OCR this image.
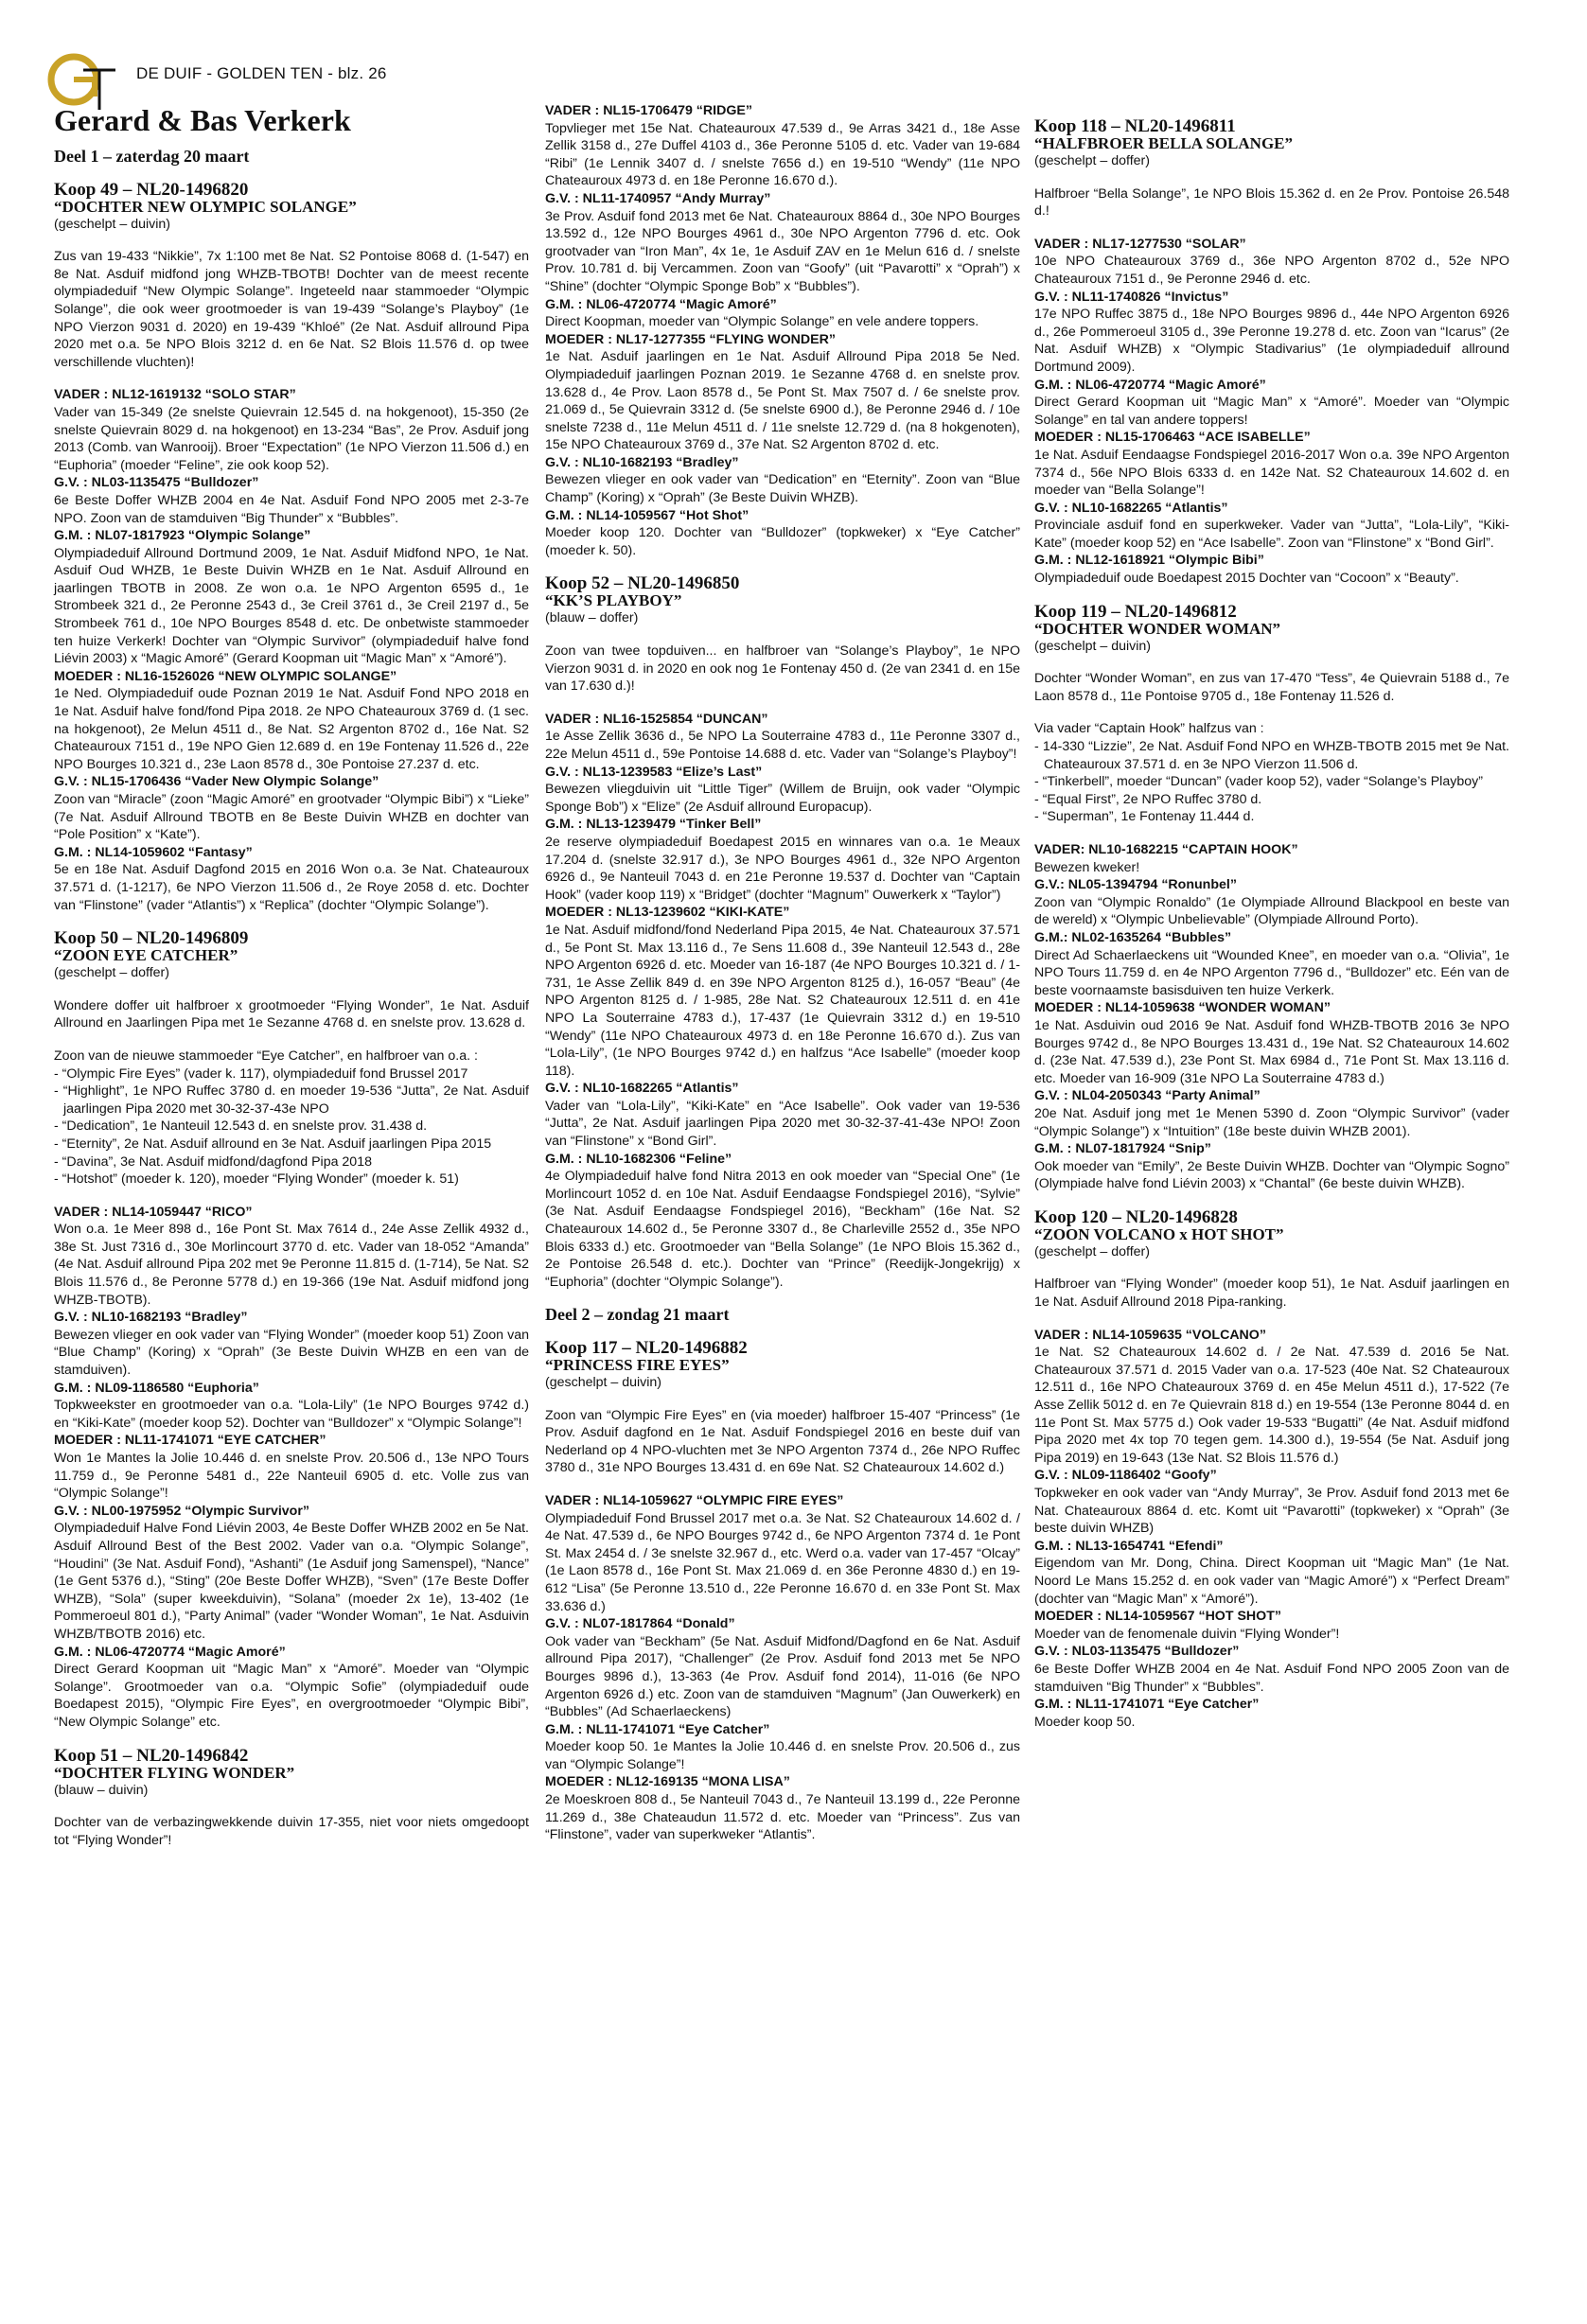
DE DUIF - GOLDEN TEN - blz. 26
Gerard & Bas Verkerk
Deel 1 – zaterdag 20 maart
Koop 49 – NL20-1496820
“DOCHTER NEW OLYMPIC SOLANGE”
(geschelpt – duivin)
Zus van 19-433 “Nikkie”, 7x 1:100 met 8e Nat. S2 Pontoise 8068 d. (1-547) en 8e Nat. Asduif midfond jong WHZB-TBOTB! Dochter van de meest recente olympiadeduif “New Olympic Solange”. Ingeteeld naar stammoeder “Olympic Solange”, die ook weer grootmoeder is van 19-439 “Solange’s Playboy” (1e NPO Vierzon 9031 d. 2020) en 19-439 “Khloé” (2e Nat. Asduif allround Pipa 2020 met o.a. 5e NPO Blois 3212 d. en 6e Nat. S2 Blois 11.576 d. op twee verschillende vluchten)!
VADER : NL12-1619132 “SOLO STAR”
Vader van 15-349 (2e snelste Quievrain 12.545 d. na hokgenoot), 15-350 (2e snelste Quievrain 8029 d. na hokgenoot) en 13-234 “Bas”, 2e Prov. Asduif jong 2013 (Comb. van Wanrooij). Broer “Expectation” (1e NPO Vierzon 11.506 d.) en “Euphoria” (moeder “Feline”, zie ook koop 52).
G.V. : NL03-1135475 “Bulldozer”
6e Beste Doffer WHZB 2004 en 4e Nat. Asduif Fond NPO 2005 met 2-3-7e NPO. Zoon van de stamduiven “Big Thunder” x “Bubbles”.
G.M. : NL07-1817923 “Olympic Solange”
Olympiadeduif Allround Dortmund 2009, 1e Nat. Asduif Midfond NPO, 1e Nat. Asduif Oud WHZB, 1e Beste Duivin WHZB en 1e Nat. Asduif Allround en jaarlingen TBOTB in 2008. Ze won o.a. 1e NPO Argenton 6595 d., 1e Strombeek 321 d., 2e Peronne 2543 d., 3e Creil 3761 d., 3e Creil 2197 d., 5e Strombeek 761 d., 10e NPO Bourges 8548 d. etc. De onbetwiste stammoeder ten huize Verkerk! Dochter van “Olympic Survivor” (olympiadeduif halve fond Liévin 2003) x “Magic Amoré” (Gerard Koopman uit “Magic Man” x “Amoré”).
MOEDER : NL16-1526026 “NEW OLYMPIC SOLANGE”
1e Ned. Olympiadeduif oude Poznan 2019 1e Nat. Asduif Fond NPO 2018 en 1e Nat. Asduif halve fond/fond Pipa 2018. 2e NPO Chateauroux 3769 d. (1 sec. na hokgenoot), 2e Melun 4511 d., 8e Nat. S2 Argenton 8702 d., 16e Nat. S2 Chateauroux 7151 d., 19e NPO Gien 12.689 d. en 19e Fontenay 11.526 d., 22e NPO Bourges 10.321 d., 23e Laon 8578 d., 30e Pontoise 27.237 d. etc.
G.V. : NL15-1706436 “Vader New Olympic Solange”
Zoon van “Miracle” (zoon “Magic Amoré” en grootvader “Olympic Bibi”) x “Lieke” (7e Nat. Asduif Allround TBOTB en 8e Beste Duivin WHZB en dochter van “Pole Position” x “Kate”).
G.M. : NL14-1059602 “Fantasy”
5e en 18e Nat. Asduif Dagfond 2015 en 2016 Won o.a. 3e Nat. Chateauroux 37.571 d. (1-1217), 6e NPO Vierzon 11.506 d., 2e Roye 2058 d. etc. Dochter van “Flinstone” (vader “Atlantis”) x “Replica” (dochter “Olympic Solange”).
Koop 50 – NL20-1496809
“ZOON EYE CATCHER”
(geschelpt – doffer)
Wondere doffer uit halfbroer x grootmoeder “Flying Wonder”, 1e Nat. Asduif Allround en Jaarlingen Pipa met 1e Sezanne 4768 d. en snelste prov. 13.628 d.
Zoon van de nieuwe stammoeder “Eye Catcher”, en halfbroer van o.a. :
- “Olympic Fire Eyes” (vader k. 117), olympiadeduif fond Brussel 2017
- “Highlight”, 1e NPO Ruffec 3780 d. en moeder 19-536 “Jutta”, 2e Nat. Asduif jaarlingen Pipa 2020 met 30-32-37-43e NPO
- “Dedication”, 1e Nanteuil 12.543 d. en snelste prov. 31.438 d.
- “Eternity”, 2e Nat. Asduif allround en 3e Nat. Asduif jaarlingen Pipa 2015
- “Davina”, 3e Nat. Asduif midfond/dagfond Pipa 2018
- “Hotshot” (moeder k. 120), moeder “Flying Wonder” (moeder k. 51)
VADER : NL14-1059447 “RICO”
Won o.a. 1e Meer 898 d., 16e Pont St. Max 7614 d., 24e Asse Zellik 4932 d., 38e St. Just 7316 d., 30e Morlincourt 3770 d. etc. Vader van 18-052 “Amanda” (4e Nat. Asduif allround Pipa 202 met 9e Peronne 11.815 d. (1-714), 5e Nat. S2 Blois 11.576 d., 8e Peronne 5778 d.) en 19-366 (19e Nat. Asduif midfond jong WHZB-TBOTB).
G.V. : NL10-1682193 “Bradley”
Bewezen vlieger en ook vader van “Flying Wonder” (moeder koop 51) Zoon van “Blue Champ” (Koring) x “Oprah” (3e Beste Duivin WHZB en een van de stamduiven).
G.M. : NL09-1186580 “Euphoria”
Topkweekster en grootmoeder van o.a. “Lola-Lily” (1e NPO Bourges 9742 d.) en “Kiki-Kate” (moeder koop 52). Dochter van “Bulldozer” x “Olympic Solange”!
MOEDER : NL11-1741071 “EYE CATCHER”
Won 1e Mantes la Jolie 10.446 d. en snelste Prov. 20.506 d., 13e NPO Tours 11.759 d., 9e Peronne 5481 d., 22e Nanteuil 6905 d. etc. Volle zus van “Olympic Solange”!
G.V. : NL00-1975952 “Olympic Survivor”
Olympiadeduif Halve Fond Liévin 2003, 4e Beste Doffer WHZB 2002 en 5e Nat. Asduif Allround Best of the Best 2002. Vader van o.a. “Olympic Solange”, “Houdini” (3e Nat. Asduif Fond), “Ashanti” (1e Asduif jong Samenspel), “Nance” (1e Gent 5376 d.), “Sting” (20e Beste Doffer WHZB), “Sven” (17e Beste Doffer WHZB), “Sola” (super kweekduivin), “Solana” (moeder 2x 1e), 13-402 (1e Pommeroeul 801 d.), “Party Animal” (vader “Wonder Woman”, 1e Nat. Asduivin WHZB/TBOTB 2016) etc.
G.M. : NL06-4720774 “Magic Amoré”
Direct Gerard Koopman uit “Magic Man” x “Amoré”. Moeder van “Olympic Solange”. Grootmoeder van o.a. “Olympic Sofie” (olympiadeduif oude Boedapest 2015), “Olympic Fire Eyes”, en overgrootmoeder “Olympic Bibi”, “New Olympic Solange” etc.
Koop 51 – NL20-1496842
“DOCHTER FLYING WONDER”
(blauw – duivin)
Dochter van de verbazingwekkende duivin 17-355, niet voor niets omgedoopt tot “Flying Wonder”!
VADER : NL15-1706479 “RIDGE”
Topvlieger met 15e Nat. Chateauroux 47.539 d., 9e Arras 3421 d., 18e Asse Zellik 3158 d., 27e Duffel 4103 d., 36e Peronne 5105 d. etc. Vader van 19-684 “Ribi” (1e Lennik 3407 d. / snelste 7656 d.) en 19-510 “Wendy” (11e NPO Chateauroux 4973 d. en 18e Peronne 16.670 d.).
G.V. : NL11-1740957 “Andy Murray”
3e Prov. Asduif fond 2013 met 6e Nat. Chateauroux 8864 d., 30e NPO Bourges 13.592 d., 12e NPO Bourges 4961 d., 30e NPO Argenton 7796 d. etc. Ook grootvader van “Iron Man”, 4x 1e, 1e Asduif ZAV en 1e Melun 616 d. / snelste Prov. 10.781 d. bij Vercammen. Zoon van “Goofy” (uit “Pavarotti” x “Oprah”) x “Shine” (dochter “Olympic Sponge Bob” x “Bubbles”).
G.M. : NL06-4720774 “Magic Amoré”
Direct Koopman, moeder van “Olympic Solange” en vele andere toppers.
MOEDER : NL17-1277355 “FLYING WONDER”
1e Nat. Asduif jaarlingen en 1e Nat. Asduif Allround Pipa 2018 5e Ned. Olympiadeduif jaarlingen Poznan 2019. 1e Sezanne 4768 d. en snelste prov. 13.628 d., 4e Prov. Laon 8578 d., 5e Pont St. Max 7507 d. / 6e snelste prov. 21.069 d., 5e Quievrain 3312 d. (5e snelste 6900 d.), 8e Peronne 2946 d. / 10e snelste 7238 d., 11e Melun 4511 d. / 11e snelste 12.729 d. (na 8 hokgenoten), 15e NPO Chateauroux 3769 d., 37e Nat. S2 Argenton 8702 d. etc.
G.V. : NL10-1682193 “Bradley”
Bewezen vlieger en ook vader van “Dedication” en “Eternity”. Zoon van “Blue Champ” (Koring) x “Oprah” (3e Beste Duivin WHZB).
G.M. : NL14-1059567 “Hot Shot”
Moeder koop 120. Dochter van “Bulldozer” (topkweker) x “Eye Catcher” (moeder k. 50).
Koop 52 – NL20-1496850
“KK’S PLAYBOY”
(blauw – doffer)
Zoon van twee topduiven... en halfbroer van “Solange’s Playboy”, 1e NPO Vierzon 9031 d. in 2020 en ook nog 1e Fontenay 450 d. (2e van 2341 d. en 15e van 17.630 d.)!
VADER : NL16-1525854 “DUNCAN”
1e Asse Zellik 3636 d., 5e NPO La Souterraine 4783 d., 11e Peronne 3307 d., 22e Melun 4511 d., 59e Pontoise 14.688 d. etc. Vader van “Solange’s Playboy”!
G.V. : NL13-1239583 “Elize’s Last”
Bewezen vliegduivin uit “Little Tiger” (Willem de Bruijn, ook vader “Olympic Sponge Bob”) x “Elize” (2e Asduif allround Europacup).
G.M. : NL13-1239479 “Tinker Bell”
2e reserve olympiadeduif Boedapest 2015 en winnares van o.a. 1e Meaux 17.204 d. (snelste 32.917 d.), 3e NPO Bourges 4961 d., 32e NPO Argenton 6926 d., 9e Nanteuil 7043 d. en 21e Peronne 19.537 d. Dochter van “Captain Hook” (vader koop 119) x “Bridget” (dochter “Magnum” Ouwerkerk x “Taylor”)
MOEDER : NL13-1239602 “KIKI-KATE”
1e Nat. Asduif midfond/fond Nederland Pipa 2015, 4e Nat. Chateauroux 37.571 d., 5e Pont St. Max 13.116 d., 7e Sens 11.608 d., 39e Nanteuil 12.543 d., 28e NPO Argenton 6926 d. etc. Moeder van 16-187 (4e NPO Bourges 10.321 d. / 1-731, 1e Asse Zellik 849 d. en 39e NPO Argenton 8125 d.), 16-057 “Beau” (4e NPO Argenton 8125 d. / 1-985, 28e Nat. S2 Chateauroux 12.511 d. en 41e NPO La Souterraine 4783 d.), 17-437 (1e Quievrain 3312 d.) en 19-510 “Wendy” (11e NPO Chateauroux 4973 d. en 18e Peronne 16.670 d.). Zus van “Lola-Lily”, (1e NPO Bourges 9742 d.) en halfzus “Ace Isabelle” (moeder koop 118).
G.V. : NL10-1682265 “Atlantis”
Vader van “Lola-Lily”, “Kiki-Kate” en “Ace Isabelle”. Ook vader van 19-536 “Jutta”, 2e Nat. Asduif jaarlingen Pipa 2020 met 30-32-37-41-43e NPO! Zoon van “Flinstone” x “Bond Girl”.
G.M. : NL10-1682306 “Feline”
4e Olympiadeduif halve fond Nitra 2013 en ook moeder van “Special One” (1e Morlincourt 1052 d. en 10e Nat. Asduif Eendaagse Fondspiegel 2016), “Sylvie” (3e Nat. Asduif Eendaagse Fondspiegel 2016), “Beckham” (16e Nat. S2 Chateauroux 14.602 d., 5e Peronne 3307 d., 8e Charleville 2552 d., 35e NPO Blois 6333 d.) etc. Grootmoeder van “Bella Solange” (1e NPO Blois 15.362 d., 2e Pontoise 26.548 d. etc.). Dochter van “Prince” (Reedijk-Jongekrijg) x “Euphoria” (dochter “Olympic Solange”).
Deel 2 – zondag 21 maart
Koop 117 – NL20-1496882
“PRINCESS FIRE EYES”
(geschelpt – duivin)
Zoon van “Olympic Fire Eyes” en (via moeder) halfbroer 15-407 “Princess” (1e Prov. Asduif dagfond en 1e Nat. Asduif Fondspiegel 2016 en beste duif van Nederland op 4 NPO-vluchten met 3e NPO Argenton 7374 d., 26e NPO Ruffec 3780 d., 31e NPO Bourges 13.431 d. en 69e Nat. S2 Chateauroux 14.602 d.)
VADER : NL14-1059627 “OLYMPIC FIRE EYES”
Olympiadeduif Fond Brussel 2017 met o.a. 3e Nat. S2 Chateauroux 14.602 d. / 4e Nat. 47.539 d., 6e NPO Bourges 9742 d., 6e NPO Argenton 7374 d. 1e Pont St. Max 2454 d. / 3e snelste 32.967 d., etc. Werd o.a. vader van 17-457 “Olcay” (1e Laon 8578 d., 16e Pont St. Max 21.069 d. en 36e Peronne 4830 d.) en 19-612 “Lisa” (5e Peronne 13.510 d., 22e Peronne 16.670 d. en 33e Pont St. Max 33.636 d.)
G.V. : NL07-1817864 “Donald”
Ook vader van “Beckham” (5e Nat. Asduif Midfond/Dagfond en 6e Nat. Asduif allround Pipa 2017), “Challenger” (2e Prov. Asduif fond 2013 met 5e NPO Bourges 9896 d.), 13-363 (4e Prov. Asduif fond 2014), 11-016 (6e NPO Argenton 6926 d.) etc. Zoon van de stamduiven “Magnum” (Jan Ouwerkerk) en “Bubbles” (Ad Schaerlaeckens)
G.M. : NL11-1741071 “Eye Catcher”
Moeder koop 50. 1e Mantes la Jolie 10.446 d. en snelste Prov. 20.506 d., zus van “Olympic Solange”!
MOEDER : NL12-169135 “MONA LISA”
2e Moeskroen 808 d., 5e Nanteuil 7043 d., 7e Nanteuil 13.199 d., 22e Peronne 11.269 d., 38e Chateaudun 11.572 d. etc. Moeder van “Princess”. Zus van “Flinstone”, vader van superkweker “Atlantis”.
Koop 118 – NL20-1496811
“HALFBROER BELLA SOLANGE”
(geschelpt – doffer)
Halfbroer “Bella Solange”, 1e NPO Blois 15.362 d. en 2e Prov. Pontoise 26.548 d.!
VADER : NL17-1277530 “SOLAR”
10e NPO Chateauroux 3769 d., 36e NPO Argenton 8702 d., 52e NPO Chateauroux 7151 d., 9e Peronne 2946 d. etc.
G.V. : NL11-1740826 “Invictus”
17e NPO Ruffec 3875 d., 18e NPO Bourges 9896 d., 44e NPO Argenton 6926 d., 26e Pommeroeul 3105 d., 39e Peronne 19.278 d. etc. Zoon van “Icarus” (2e Nat. Asduif WHZB) x “Olympic Stadivarius” (1e olympiadeduif allround Dortmund 2009).
G.M. : NL06-4720774 “Magic Amoré”
Direct Gerard Koopman uit “Magic Man” x “Amoré”. Moeder van “Olympic Solange” en tal van andere toppers!
MOEDER : NL15-1706463 “ACE ISABELLE”
1e Nat. Asduif Eendaagse Fondspiegel 2016-2017 Won o.a. 39e NPO Argenton 7374 d., 56e NPO Blois 6333 d. en 142e Nat. S2 Chateauroux 14.602 d. en moeder van “Bella Solange”!
G.V. : NL10-1682265 “Atlantis”
Provinciale asduif fond en superkweker. Vader van “Jutta”, “Lola-Lily”, “Kiki-Kate” (moeder koop 52) en “Ace Isabelle”. Zoon van “Flinstone” x “Bond Girl”.
G.M. : NL12-1618921 “Olympic Bibi”
Olympiadeduif oude Boedapest 2015 Dochter van “Cocoon” x “Beauty”.
Koop 119 – NL20-1496812
“DOCHTER WONDER WOMAN”
(geschelpt – duivin)
Dochter “Wonder Woman”, en zus van 17-470 “Tess”, 4e Quievrain 5188 d., 7e Laon 8578 d., 11e Pontoise 9705 d., 18e Fontenay 11.526 d.
Via vader “Captain Hook” halfzus van :
- 14-330 “Lizzie”, 2e Nat. Asduif Fond NPO en WHZB-TBOTB 2015 met 9e Nat. Chateauroux 37.571 d. en 3e NPO Vierzon 11.506 d.
- “Tinkerbell”, moeder “Duncan” (vader koop 52), vader “Solange’s Playboy”
- “Equal First”, 2e NPO Ruffec 3780 d.
- “Superman”, 1e Fontenay 11.444 d.
VADER: NL10-1682215 “CAPTAIN HOOK”
Bewezen kweker!
G.V.: NL05-1394794 “Ronunbel”
Zoon van “Olympic Ronaldo” (1e Olympiade Allround Blackpool en beste van de wereld) x “Olympic Unbelievable” (Olympiade Allround Porto).
G.M.: NL02-1635264 “Bubbles”
Direct Ad Schaerlaeckens uit “Wounded Knee”, en moeder van o.a. “Olivia”, 1e NPO Tours 11.759 d. en 4e NPO Argenton 7796 d., “Bulldozer” etc. Eén van de beste voornaamste basisduiven ten huize Verkerk.
MOEDER : NL14-1059638 “WONDER WOMAN”
1e Nat. Asduivin oud 2016 9e Nat. Asduif fond WHZB-TBOTB 2016 3e NPO Bourges 9742 d., 8e NPO Bourges 13.431 d., 19e Nat. S2 Chateauroux 14.602 d. (23e Nat. 47.539 d.), 23e Pont St. Max 6984 d., 71e Pont St. Max 13.116 d. etc. Moeder van 16-909 (31e NPO La Souterraine 4783 d.)
G.V. : NL04-2050343 “Party Animal”
20e Nat. Asduif jong met 1e Menen 5390 d. Zoon “Olympic Survivor” (vader “Olympic Solange”) x “Intuition” (18e beste duivin WHZB 2001).
G.M. : NL07-1817924 “Snip”
Ook moeder van “Emily”, 2e Beste Duivin WHZB. Dochter van “Olympic Sogno” (Olympiade halve fond Liévin 2003) x “Chantal” (6e beste duivin WHZB).
Koop 120 – NL20-1496828
“ZOON VOLCANO x HOT SHOT”
(geschelpt – doffer)
Halfbroer van “Flying Wonder” (moeder koop 51), 1e Nat. Asduif jaarlingen en 1e Nat. Asduif Allround 2018 Pipa-ranking.
VADER : NL14-1059635 “VOLCANO”
1e Nat. S2 Chateauroux 14.602 d. / 2e Nat. 47.539 d. 2016 5e Nat. Chateauroux 37.571 d. 2015 Vader van o.a. 17-523 (40e Nat. S2 Chateauroux 12.511 d., 16e NPO Chateauroux 3769 d. en 45e Melun 4511 d.), 17-522 (7e Asse Zellik 5012 d. en 7e Quievrain 818 d.) en 19-554 (13e Peronne 8044 d. en 11e Pont St. Max 5775 d.) Ook vader 19-533 “Bugatti” (4e Nat. Asduif midfond Pipa 2020 met 4x top 70 tegen gem. 14.300 d.), 19-554 (5e Nat. Asduif jong Pipa 2019) en 19-643 (13e Nat. S2 Blois 11.576 d.)
G.V. : NL09-1186402 “Goofy”
Topkweker en ook vader van “Andy Murray”, 3e Prov. Asduif fond 2013 met 6e Nat. Chateauroux 8864 d. etc. Komt uit “Pavarotti” (topkweker) x “Oprah” (3e beste duivin WHZB)
G.M. : NL13-1654741 “Efendi”
Eigendom van Mr. Dong, China. Direct Koopman uit “Magic Man” (1e Nat. Noord Le Mans 15.252 d. en ook vader van “Magic Amoré”) x “Perfect Dream” (dochter van “Magic Man” x “Amoré”).
MOEDER : NL14-1059567 “HOT SHOT”
Moeder van de fenomenale duivin “Flying Wonder”!
G.V. : NL03-1135475 “Bulldozer”
6e Beste Doffer WHZB 2004 en 4e Nat. Asduif Fond NPO 2005 Zoon van de stamduiven “Big Thunder” x “Bubbles”.
G.M. : NL11-1741071 “Eye Catcher”
Moeder koop 50.
